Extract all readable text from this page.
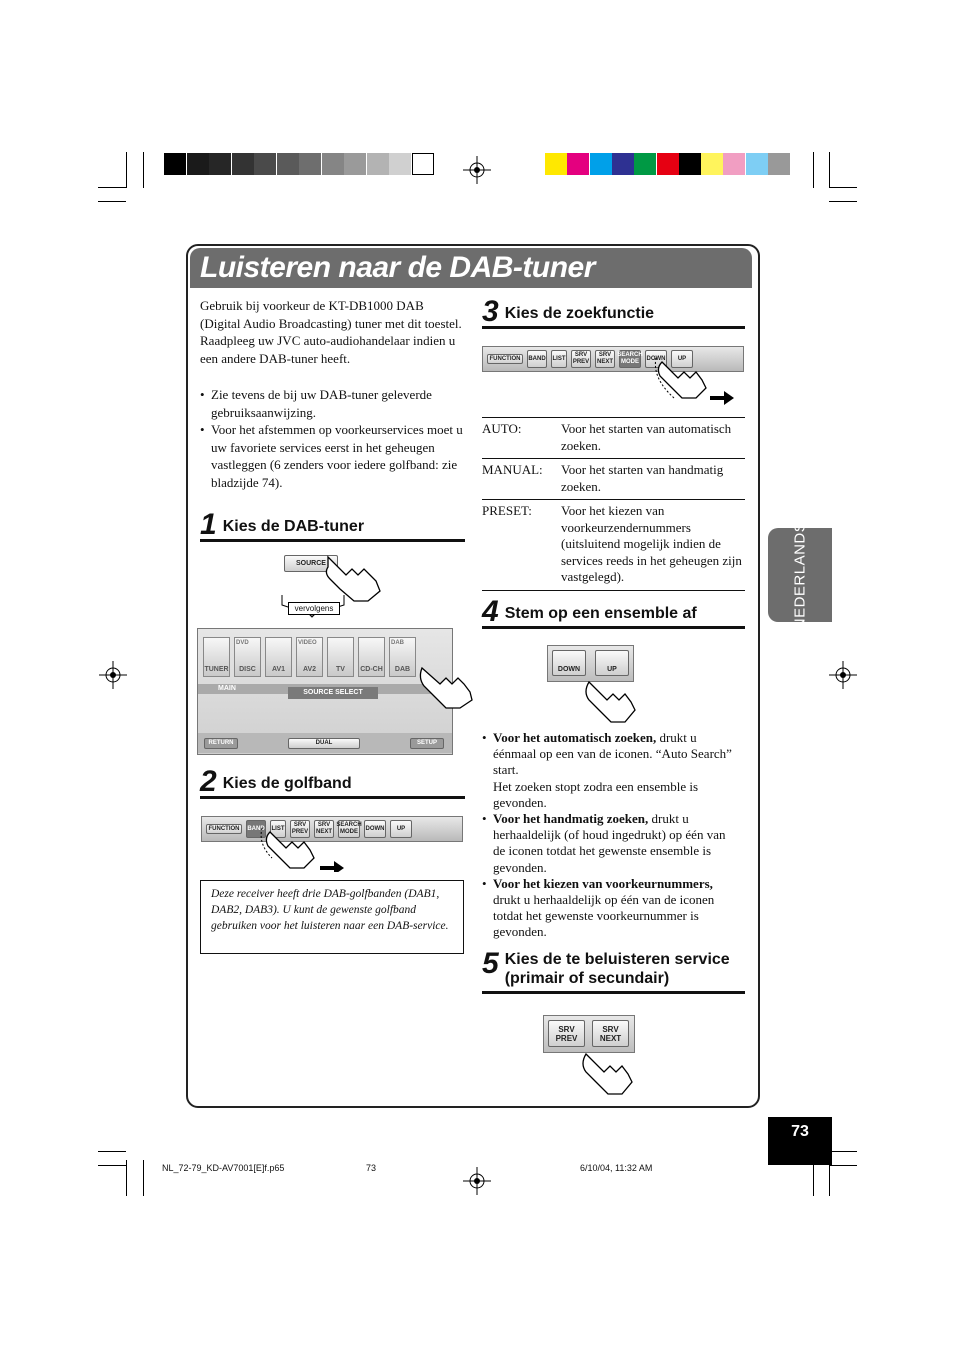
Luisteren naar de DAB-tuner
Gebruik bij voorkeur de KT-DB1000 DAB (Digital Audio Broadcasting) tuner met dit toestel. Raadpleeg uw JVC auto-audiohandelaar indien u een andere DAB-tuner heeft.
• Zie tevens de bij uw DAB-tuner geleverde gebruiksaanwijzing.
• Voor het afstemmen op voorkeurservices moet u uw favoriete services eerst in het geheugen vastleggen (6 zenders voor iedere golfband: zie bladzijde 74).
1 Kies de DAB-tuner
SOURCE
vervolgens
TUNER
DVD
DISC	AV1
VIDEO
AV2	TV	CD-CH
DAB
DAB
MAIN
SOURCE SELECT
RETURN	DUAL	SETUP
2 Kies de golfband
FUNCTION	BAND LIST
SRV PREV
SRV NEXT
SEARCH MODE
DOWN	UP
Deze receiver heeft drie DAB-golfbanden (DAB1, DAB2, DAB3). U kunt de gewenste golfband gebruiken voor het luisteren naar een DAB-service.
3 Kies de zoekfunctie
FUNCTION	BAND LIST
SRV PREV
SRV NEXT
SEARCH MODE
DOWN	UP
AUTO:	Voor het starten van automatisch zoeken.
MANUAL:	Voor het starten van handmatig zoeken.
PRESET:	Voor het kiezen van voorkeurzendernummers (uitsluitend mogelijk indien de services reeds in het geheugen zijn vastgelegd).
4 Stem op een ensemble af
DOWN	UP
• Voor het automatisch zoeken, drukt u éénmaal op een van de iconen. “Auto Search” start.
Het zoeken stopt zodra een ensemble is gevonden.
• Voor het handmatig zoeken, drukt u herhaaldelijk (of houd ingedrukt) op één van de iconen totdat het gewenste ensemble is gevonden.
• Voor het kiezen van voorkeurnummers, drukt u herhaaldelijk op één van de iconen totdat het gewenste voorkeurnummer is gevonden.
5 Kies de te beluisteren service (primair of secundair)
SRV PREV
SRV NEXT
NEDERLANDS
73
NL_72-79_KD-AV7001[E]f.p65	73	6/10/04, 11:32 AM
